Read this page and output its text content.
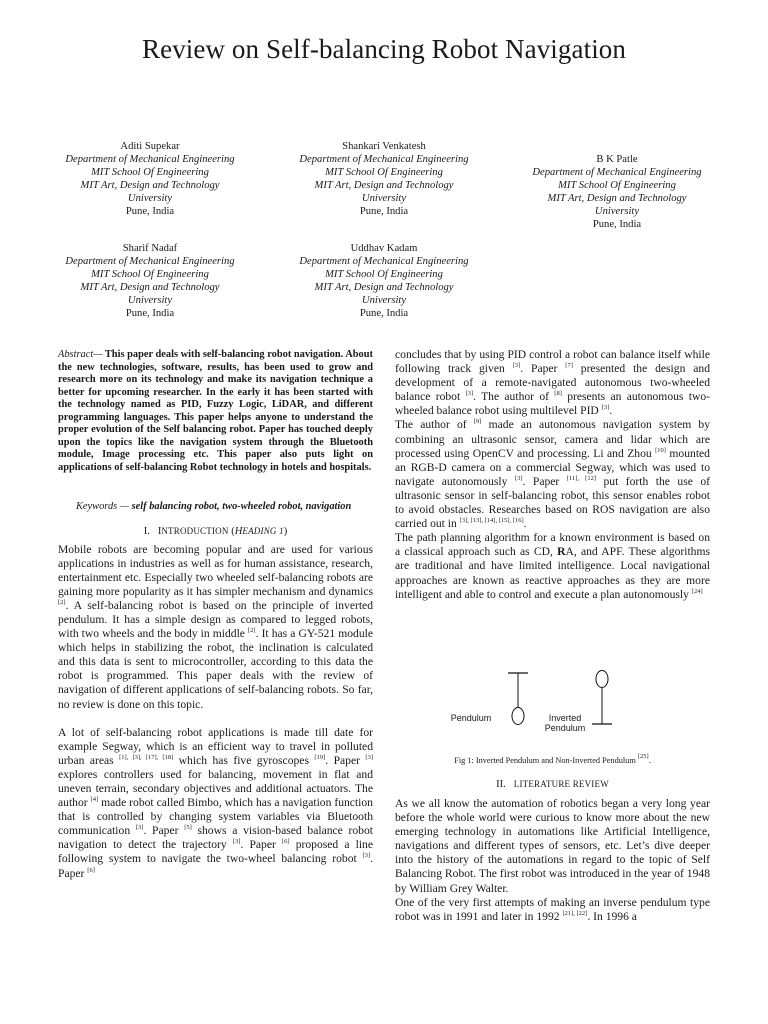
Review on Self-balancing Robot Navigation
Aditi Supekar
Department of Mechanical Engineering
MIT School Of Engineering
MIT Art, Design and Technology
University
Pune, India
Shankari Venkatesh
Department of Mechanical Engineering
MIT School Of Engineering
MIT Art, Design and Technology
University
Pune, India
B K Patle
Department of Mechanical Engineering
MIT School Of Engineering
MIT Art, Design and Technology
University
Pune, India
Sharif Nadaf
Department of Mechanical Engineering
MIT School Of Engineering
MIT Art, Design and Technology
University
Pune, India
Uddhav Kadam
Department of Mechanical Engineering
MIT School Of Engineering
MIT Art, Design and Technology
University
Pune, India
Abstract— This paper deals with self-balancing robot navigation. About the new technologies, software, results, has been used to grow and research more on its technology and make its navigation technique a better for upcoming researcher. In the early it has been started with the technology named as PID, Fuzzy Logic, LiDAR, and different programming languages. This paper helps anyone to understand the proper evolution of the Self balancing robot. Paper has touched deeply upon the topics like the navigation system through the Bluetooth module, Image processing etc. This paper also puts light on applications of self-balancing Robot technology in hotels and hospitals.
Keywords — self balancing robot, two-wheeled robot, navigation
I. INTRODUCTION (HEADING 1)
Mobile robots are becoming popular and are used for various applications in industries as well as for human assistance, research, entertainment etc. Especially two wheeled self-balancing robots are gaining more popularity as it has simpler mechanism and dynamics [2]. A self-balancing robot is based on the principle of inverted pendulum. It has a simple design as compared to legged robots, with two wheels and the body in middle [2]. It has a GY-521 module which helps in stabilizing the robot, the inclination is calculated and this data is sent to microcontroller, according to this data the robot is programmed. This paper deals with the review of navigation of different applications of self-balancing robots. So far, no review is done on this topic.
A lot of self-balancing robot applications is made till date for example Segway, which is an efficient way to travel in polluted urban areas [1], [3], [17], [18] which has five gyroscopes [19]. Paper [3] explores controllers used for balancing, movement in flat and uneven terrain, secondary objectives and additional actuators. The author [4] made robot called Bimbo, which has a navigation function that is controlled by changing system variables via Bluetooth communication [3]. Paper [5] shows a vision-based balance robot navigation to detect the trajectory [3]. Paper [6] proposed a line following system to navigate the two-wheel balancing robot [3]. Paper [6]
concludes that by using PID control a robot can balance itself while following track given [3]. Paper [7] presented the design and development of a remote-navigated autonomous two-wheeled balance robot [3]. The author of [8] presents an autonomous two-wheeled balance robot using multilevel PID [3].
The author of [9] made an autonomous navigation system by combining an ultrasonic sensor, camera and lidar which are processed using OpenCV and processing. Li and Zhou [10] mounted an RGB-D camera on a commercial Segway, which was used to navigate autonomously [3]. Paper [11], [12] put forth the use of ultrasonic sensor in self-balancing robot, this sensor enables robot to avoid obstacles. Researches based on ROS navigation are also carried out in [3], [13], [14], [15], [16].
The path planning algorithm for a known environment is based on a classical approach such as CD, RA, and APF. These algorithms are traditional and have limited intelligence. Local navigational approaches are known as reactive approaches as they are more intelligent and able to control and execute a plan autonomously [24]
Pendulum	Inverted
Pendulum
Fig 1: Inverted Pendulum and Non-Inverted Pendulum [25].
II. LITERATURE REVIEW
As we all know the automation of robotics began a very long year before the whole world were curious to know more about the new emerging technology in automations like Artificial Intelligence, navigations and different types of sensors, etc. Let’s dive deeper into the history of the automations in regard to the topic of Self Balancing Robot. The first robot was introduced in the year of 1948 by William Grey Walter.
One of the very first attempts of making an inverse pendulum type robot was in 1991 and later in 1992 [21], [22]. In 1996 a
